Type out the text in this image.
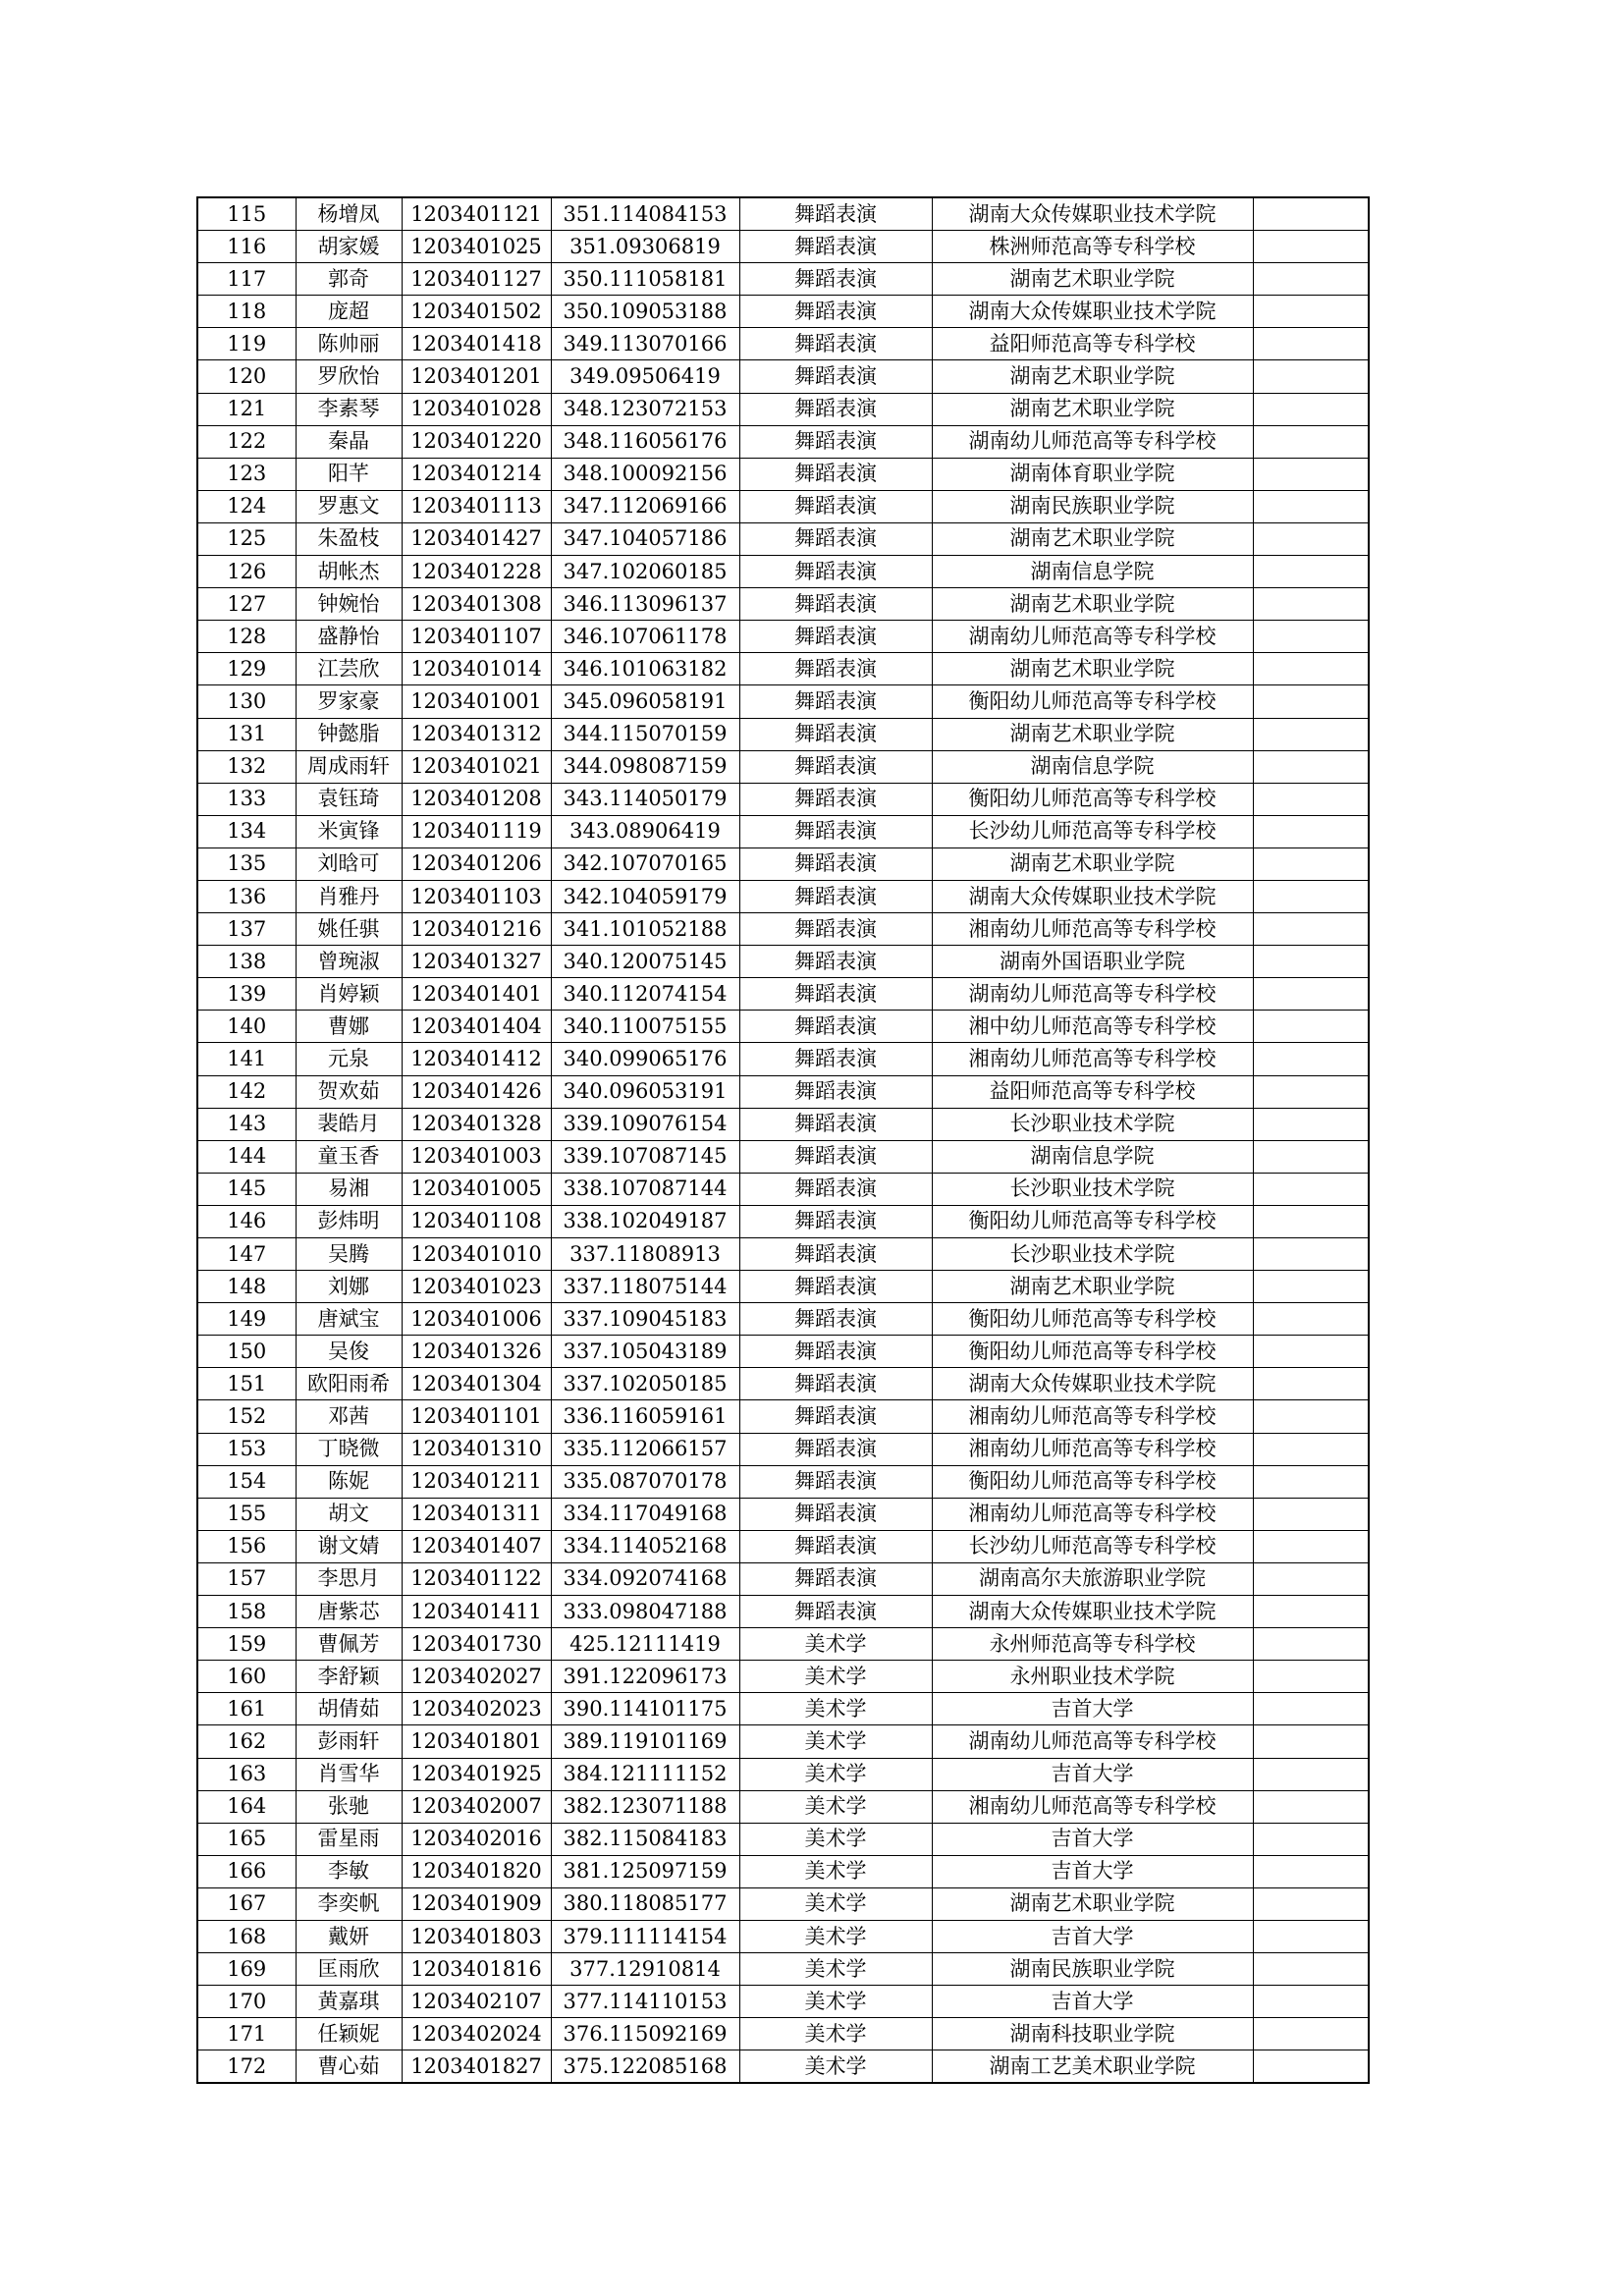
115	杨增凤	1203401121	351.114084153	舞蹈表演	湖南大众传媒职业技术学院	
116	胡家媛	1203401025	351.09306819	舞蹈表演	株洲师范高等专科学校	
117	郭奇	1203401127	350.111058181	舞蹈表演	湖南艺术职业学院	
118	庞超	1203401502	350.109053188	舞蹈表演	湖南大众传媒职业技术学院	
119	陈帅丽	1203401418	349.113070166	舞蹈表演	益阳师范高等专科学校	
120	罗欣怡	1203401201	349.09506419	舞蹈表演	湖南艺术职业学院	
121	李素琴	1203401028	348.123072153	舞蹈表演	湖南艺术职业学院	
122	秦晶	1203401220	348.116056176	舞蹈表演	湖南幼儿师范高等专科学校	
123	阳芊	1203401214	348.100092156	舞蹈表演	湖南体育职业学院	
124	罗惠文	1203401113	347.112069166	舞蹈表演	湖南民族职业学院	
125	朱盈枝	1203401427	347.104057186	舞蹈表演	湖南艺术职业学院	
126	胡帐杰	1203401228	347.102060185	舞蹈表演	湖南信息学院	
127	钟婉怡	1203401308	346.113096137	舞蹈表演	湖南艺术职业学院	
128	盛静怡	1203401107	346.107061178	舞蹈表演	湖南幼儿师范高等专科学校	
129	江芸欣	1203401014	346.101063182	舞蹈表演	湖南艺术职业学院	
130	罗家豪	1203401001	345.096058191	舞蹈表演	衡阳幼儿师范高等专科学校	
131	钟懿脂	1203401312	344.115070159	舞蹈表演	湖南艺术职业学院	
132	周成雨轩	1203401021	344.098087159	舞蹈表演	湖南信息学院	
133	袁钰琦	1203401208	343.114050179	舞蹈表演	衡阳幼儿师范高等专科学校	
134	米寅锋	1203401119	343.08906419	舞蹈表演	长沙幼儿师范高等专科学校	
135	刘晗可	1203401206	342.107070165	舞蹈表演	湖南艺术职业学院	
136	肖雅丹	1203401103	342.104059179	舞蹈表演	湖南大众传媒职业技术学院	
137	姚任骐	1203401216	341.101052188	舞蹈表演	湘南幼儿师范高等专科学校	
138	曾琬淑	1203401327	340.120075145	舞蹈表演	湖南外国语职业学院	
139	肖婷颖	1203401401	340.112074154	舞蹈表演	湖南幼儿师范高等专科学校	
140	曹娜	1203401404	340.110075155	舞蹈表演	湘中幼儿师范高等专科学校	
141	元泉	1203401412	340.099065176	舞蹈表演	湘南幼儿师范高等专科学校	
142	贺欢茹	1203401426	340.096053191	舞蹈表演	益阳师范高等专科学校	
143	裴皓月	1203401328	339.109076154	舞蹈表演	长沙职业技术学院	
144	童玉香	1203401003	339.107087145	舞蹈表演	湖南信息学院	
145	易湘	1203401005	338.107087144	舞蹈表演	长沙职业技术学院	
146	彭炜明	1203401108	338.102049187	舞蹈表演	衡阳幼儿师范高等专科学校	
147	吴腾	1203401010	337.11808913	舞蹈表演	长沙职业技术学院	
148	刘娜	1203401023	337.118075144	舞蹈表演	湖南艺术职业学院	
149	唐斌宝	1203401006	337.109045183	舞蹈表演	衡阳幼儿师范高等专科学校	
150	吴俊	1203401326	337.105043189	舞蹈表演	衡阳幼儿师范高等专科学校	
151	欧阳雨希	1203401304	337.102050185	舞蹈表演	湖南大众传媒职业技术学院	
152	邓茜	1203401101	336.116059161	舞蹈表演	湘南幼儿师范高等专科学校	
153	丁晓微	1203401310	335.112066157	舞蹈表演	湘南幼儿师范高等专科学校	
154	陈妮	1203401211	335.087070178	舞蹈表演	衡阳幼儿师范高等专科学校	
155	胡文	1203401311	334.117049168	舞蹈表演	湘南幼儿师范高等专科学校	
156	谢文婧	1203401407	334.114052168	舞蹈表演	长沙幼儿师范高等专科学校	
157	李思月	1203401122	334.092074168	舞蹈表演	湖南高尔夫旅游职业学院	
158	唐紫芯	1203401411	333.098047188	舞蹈表演	湖南大众传媒职业技术学院	
159	曹佩芳	1203401730	425.12111419	美术学	永州师范高等专科学校	
160	李舒颖	1203402027	391.122096173	美术学	永州职业技术学院	
161	胡倩茹	1203402023	390.114101175	美术学	吉首大学	
162	彭雨轩	1203401801	389.119101169	美术学	湖南幼儿师范高等专科学校	
163	肖雪华	1203401925	384.121111152	美术学	吉首大学	
164	张驰	1203402007	382.123071188	美术学	湘南幼儿师范高等专科学校	
165	雷星雨	1203402016	382.115084183	美术学	吉首大学	
166	李敏	1203401820	381.125097159	美术学	吉首大学	
167	李奕帆	1203401909	380.118085177	美术学	湖南艺术职业学院	
168	戴妍	1203401803	379.111114154	美术学	吉首大学	
169	匡雨欣	1203401816	377.12910814	美术学	湖南民族职业学院	
170	黄嘉琪	1203402107	377.114110153	美术学	吉首大学	
171	任颖妮	1203402024	376.115092169	美术学	湖南科技职业学院	
172	曹心茹	1203401827	375.122085168	美术学	湖南工艺美术职业学院	
